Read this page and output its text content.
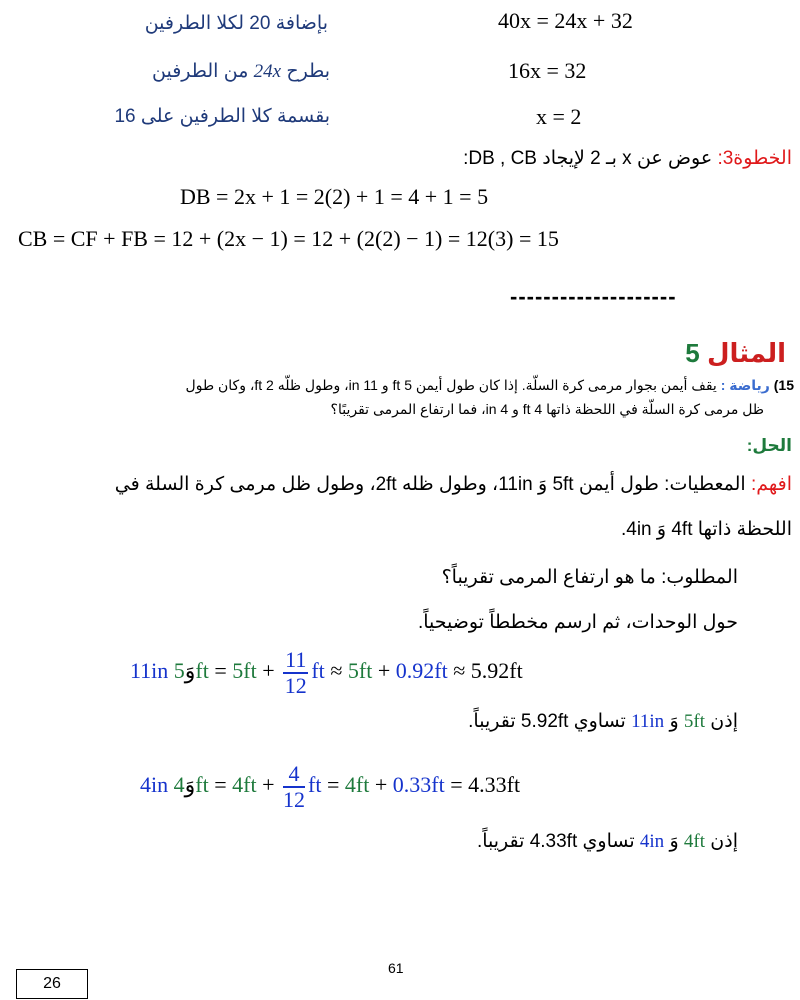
بإضافة 20 لكلا الطرفين	40x = 24x + 32
بطرح 24x من الطرفين	16x = 32
بقسمة كلا الطرفين على 16	x = 2
الخطوة3: عوض عن x بـ 2 لإيجاد DB , CB:
DB = 2x + 1 = 2(2) + 1 = 4 + 1 = 5
CB = CF + FB = 12 + (2x − 1) = 12 + (2(2) − 1) = 12(3) = 15
--------------------
المثال 5
15) رياضة : يقف أيمن بجوار مرمى كرة السلّة. إذا كان طول أيمن 5 ft و 11 in، وطول ظلّه 2 ft، وكان طول
ظل مرمى كرة السلّة في اللحظة ذاتها 4 ft و 4 in، فما ارتفاع المرمى تقريبًا؟
الحل:
افهم: المعطيات: طول أيمن 5ft وَ 11in، وطول ظله 2ft، وطول ظل مرمى كرة السلة في
اللحظة ذاتها 4ft وَ 4in.
المطلوب: ما هو ارتفاع المرمى تقريباً؟
حول الوحدات، ثم ارسم مخططاً توضيحياً.
11in وَ5ft = $5ft + \frac{11}{12}$ ft ≈ 5ft + 0.92ft ≈ 5.92ft
إذن 5ft وَ 11in تساوي 5.92ft تقريباً.
4in وَ4ft = $4ft + \frac{4}{12}$ ft = 4ft + 0.33ft = 4.33ft
إذن 4ft وَ 4in تساوي 4.33ft تقريباً.
61
26
